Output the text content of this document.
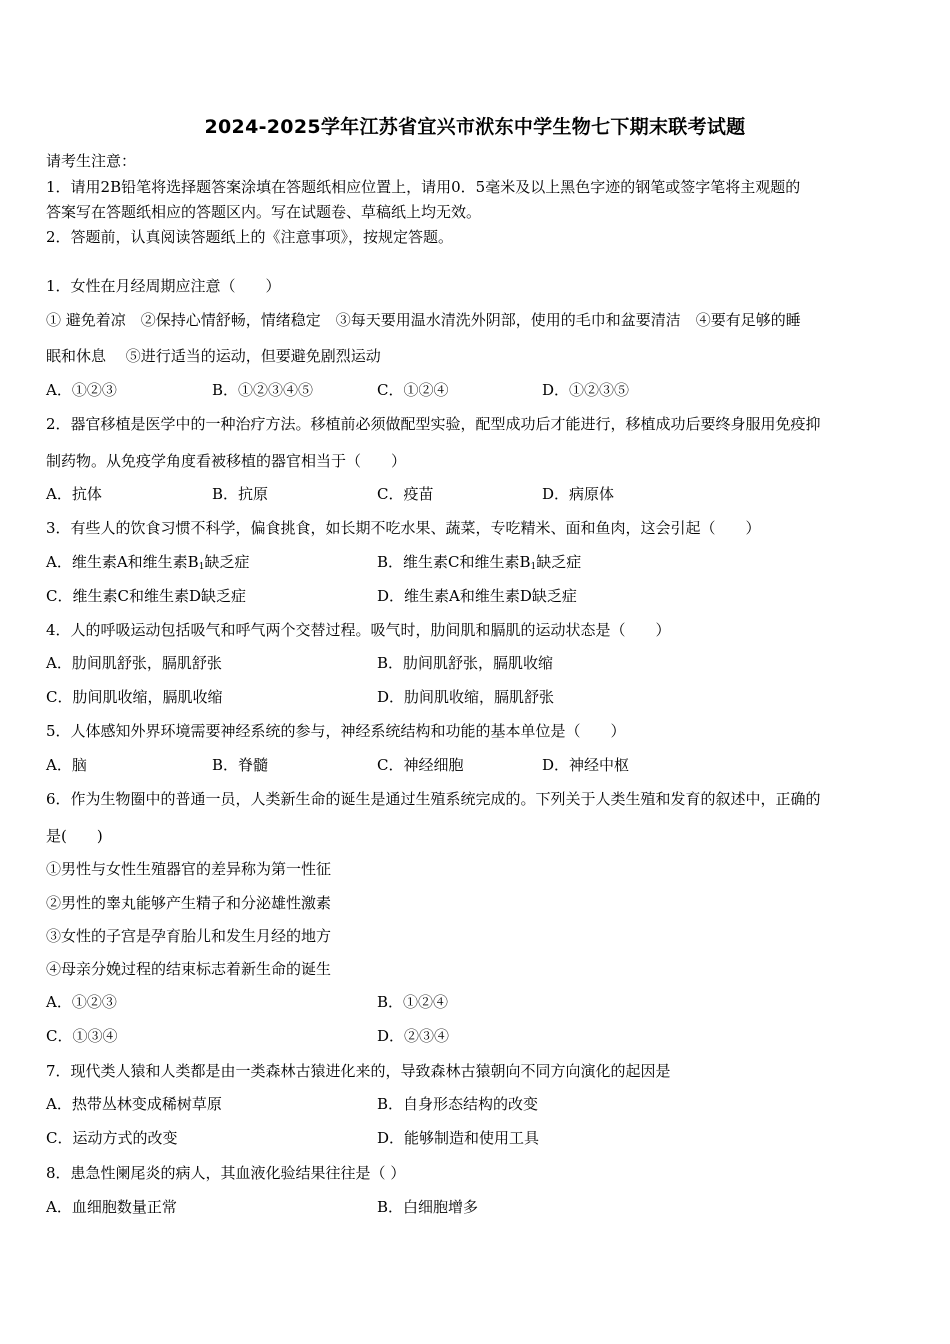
2024-2025学年江苏省宜兴市洑东中学生物七下期末联考试题
请考生注意：
1．请用2B铅笔将选择题答案涂填在答题纸相应位置上，请用0．5毫米及以上黑色字迹的钢笔或签字笔将主观题的
答案写在答题纸相应的答题区内。写在试题卷、草稿纸上均无效。
2．答题前，认真阅读答题纸上的《注意事项》，按规定答题。
1．女性在月经周期应注意（　　）
① 避免着凉　②保持心情舒畅，情绪稳定　③每天要用温水清洗外阴部，使用的毛巾和盆要清洁　④要有足够的睡
眠和休息　 ⑤进行适当的运动，但要避免剧烈运动
A．①②③	B．①②③④⑤	C．①②④	D．①②③⑤
2．器官移植是医学中的一种治疗方法。移植前必须做配型实验，配型成功后才能进行，移植成功后要终身服用免疫抑
制药物。从免疫学角度看被移植的器官相当于（　　）
A．抗体	B．抗原	C．疫苗	D．病原体
3．有些人的饮食习惯不科学，偏食挑食，如长期不吃水果、蔬菜，专吃精米、面和鱼肉，这会引起（　　）
A．维生素A和维生素$B_1$缺乏症	B．维生素C和维生素$B_1$缺乏症
C．维生素C和维生素D缺乏症	D．维生素A和维生素D缺乏症
4．人的呼吸运动包括吸气和呼气两个交替过程。吸气时，肋间肌和膈肌的运动状态是（　　）
A．肋间肌舒张，膈肌舒张	B．肋间肌舒张，膈肌收缩
C．肋间肌收缩，膈肌收缩	D．肋间肌收缩，膈肌舒张
5．人体感知外界环境需要神经系统的参与，神经系统结构和功能的基本单位是（　　）
A．脑	B．脊髓	C．神经细胞	D．神经中枢
6．作为生物圈中的普通一员，人类新生命的诞生是通过生殖系统完成的。下列关于人类生殖和发育的叙述中，正确的
是(　　)
①男性与女性生殖器官的差异称为第一性征
②男性的睾丸能够产生精子和分泌雄性激素
③女性的子宫是孕育胎儿和发生月经的地方
④母亲分娩过程的结束标志着新生命的诞生
A．①②③	B．①②④
C．①③④	D．②③④
7．现代类人猿和人类都是由一类森林古猿进化来的，导致森林古猿朝向不同方向演化的起因是
A．热带丛林变成稀树草原	B．自身形态结构的改变
C．运动方式的改变	D．能够制造和使用工具
8．患急性阑尾炎的病人，其血液化验结果往往是（ ）
A．血细胞数量正常	B．白细胞增多
